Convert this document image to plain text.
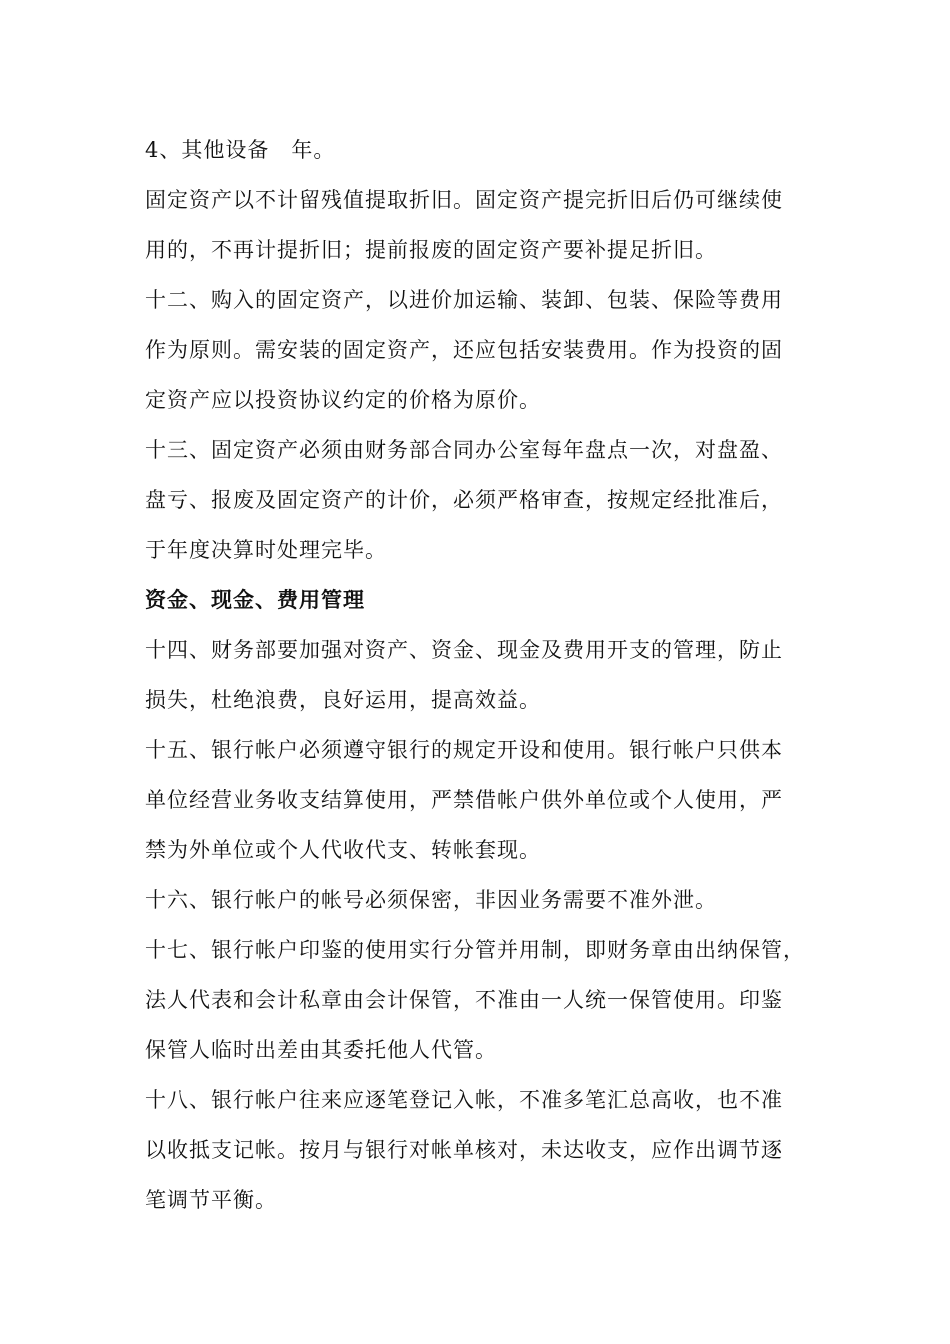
4、其他设备　年。

固定资产以不计留残值提取折旧。固定资产提完折旧后仍可继续使

用的，不再计提折旧；提前报废的固定资产要补提足折旧。

十二、购入的固定资产，以进价加运输、装卸、包装、保险等费用

作为原则。需安装的固定资产，还应包括安装费用。作为投资的固

定资产应以投资协议约定的价格为原价。

十三、固定资产必须由财务部合同办公室每年盘点一次，对盘盈、

盘亏、报废及固定资产的计价，必须严格审查，按规定经批准后，

于年度决算时处理完毕。

资金、现金、费用管理

十四、财务部要加强对资产、资金、现金及费用开支的管理，防止

损失，杜绝浪费，良好运用，提高效益。

十五、银行帐户必须遵守银行的规定开设和使用。银行帐户只供本

单位经营业务收支结算使用，严禁借帐户供外单位或个人使用，严

禁为外单位或个人代收代支、转帐套现。

十六、银行帐户的帐号必须保密，非因业务需要不准外泄。

十七、银行帐户印鉴的使用实行分管并用制，即财务章由出纳保管，

法人代表和会计私章由会计保管，不准由一人统一保管使用。印鉴

保管人临时出差由其委托他人代管。

十八、银行帐户往来应逐笔登记入帐，不准多笔汇总高收，也不准

以收抵支记帐。按月与银行对帐单核对，未达收支，应作出调节逐

笔调节平衡。
